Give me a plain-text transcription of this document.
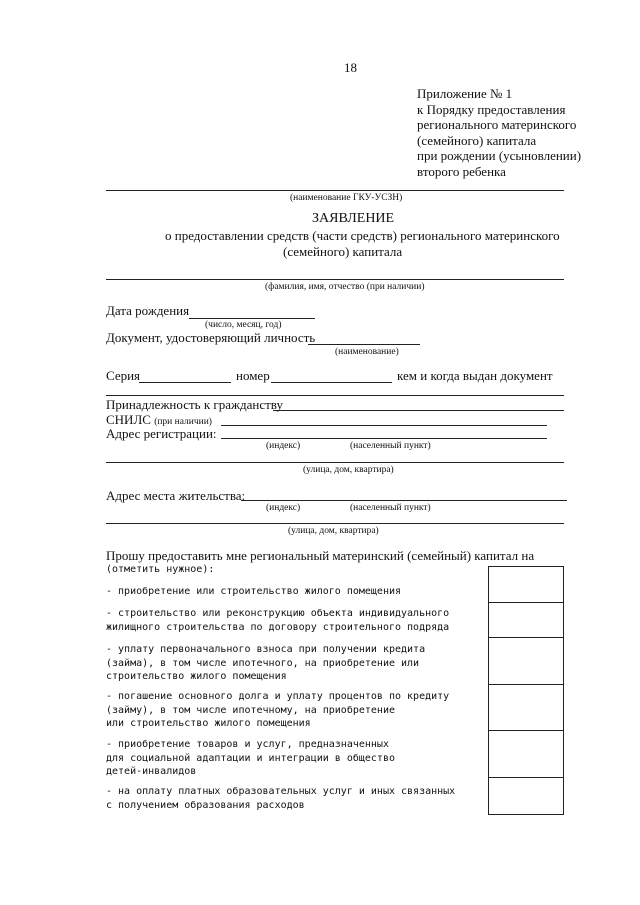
18
Приложение № 1
к Порядку предоставления
регионального материнского
(семейного) капитала
при рождении (усыновлении)
второго ребенка
(наименование ГКУ-УСЗН)
ЗАЯВЛЕНИЕ
о предоставлении средств (части средств) регионального материнского
(семейного) капитала
(фамилия, имя, отчество (при наличии)
Дата рождения
(число, месяц, год)
Документ, удостоверяющий личность
(наименование)
Серия	номер	кем и когда выдан документ
Принадлежность к гражданству
СНИЛС (при наличии)
Адрес регистрации:
(индекс)	(населенный пункт)
(улица, дом, квартира)
Адрес места жительства:
(индекс)	(населенный пункт)
(улица, дом, квартира)
Прошу предоставить мне региональный материнский (семейный) капитал на
(отметить нужное):
- приобретение или строительство жилого помещения
- строительство или реконструкцию объекта индивидуального
жилищного строительства по договору строительного подряда
- уплату первоначального взноса при получении кредита
(займа), в том числе ипотечного, на приобретение или
строительство жилого помещения
- погашение основного долга и уплату процентов по кредиту
(займу), в том числе ипотечному, на приобретение
или строительство жилого помещения
- приобретение товаров и услуг, предназначенных
для социальной адаптации и интеграции в общество
детей-инвалидов
- на оплату платных образовательных услуг и иных связанных
с получением образования расходов
